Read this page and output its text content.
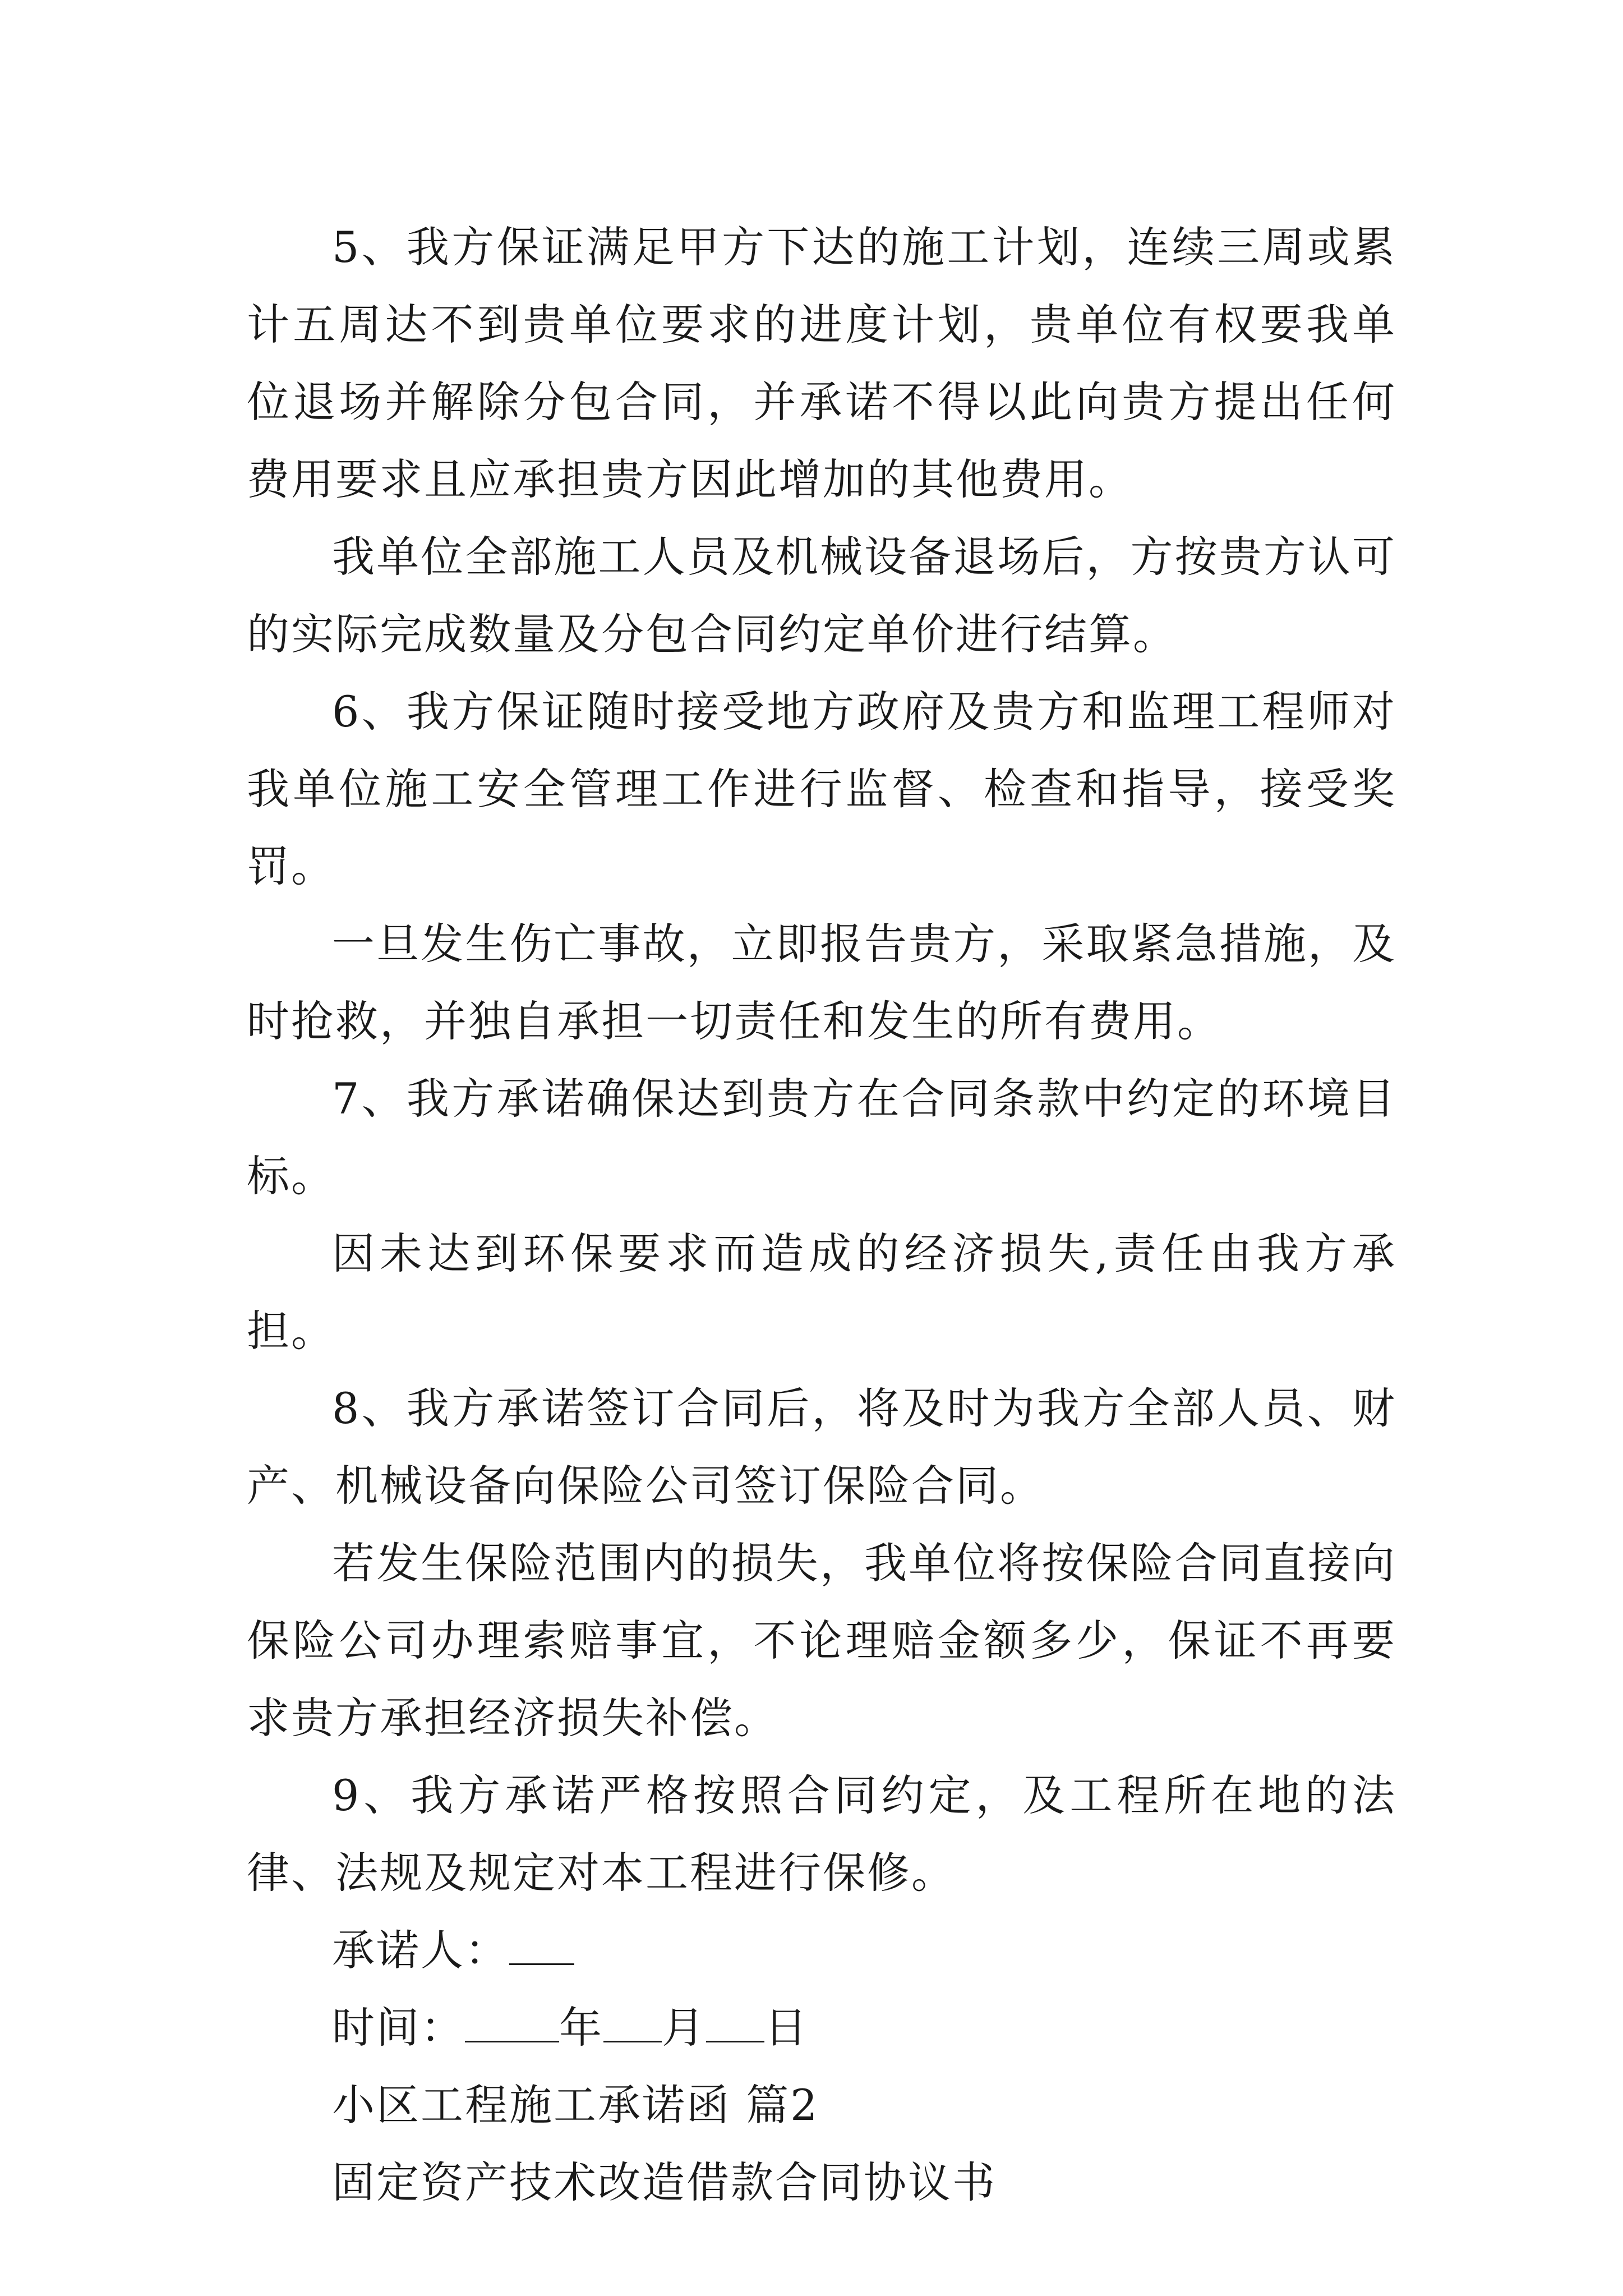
5、我方保证满足甲方下达的施工计划，连续三周或累计五周达不到贵单位要求的进度计划，贵单位有权要我单位退场并解除分包合同，并承诺不得以此向贵方提出任何费用要求且应承担贵方因此增加的其他费用。

我单位全部施工人员及机械设备退场后，方按贵方认可的实际完成数量及分包合同约定单价进行结算。

6、我方保证随时接受地方政府及贵方和监理工程师对我单位施工安全管理工作进行监督、检查和指导，接受奖罚。

一旦发生伤亡事故，立即报告贵方，采取紧急措施，及时抢救，并独自承担一切责任和发生的所有费用。

7、我方承诺确保达到贵方在合同条款中约定的环境目标。

因未达到环保要求而造成的经济损失,责任由我方承担。

8、我方承诺签订合同后，将及时为我方全部人员、财产、机械设备向保险公司签订保险合同。

若发生保险范围内的损失，我单位将按保险合同直接向保险公司办理索赔事宜，不论理赔金额多少，保证不再要求贵方承担经济损失补偿。

9、我方承诺严格按照合同约定，及工程所在地的法律、法规及规定对本工程进行保修。

承诺人：
时间： 年 月 日
小区工程施工承诺函 篇2
固定资产技术改造借款合同协议书
